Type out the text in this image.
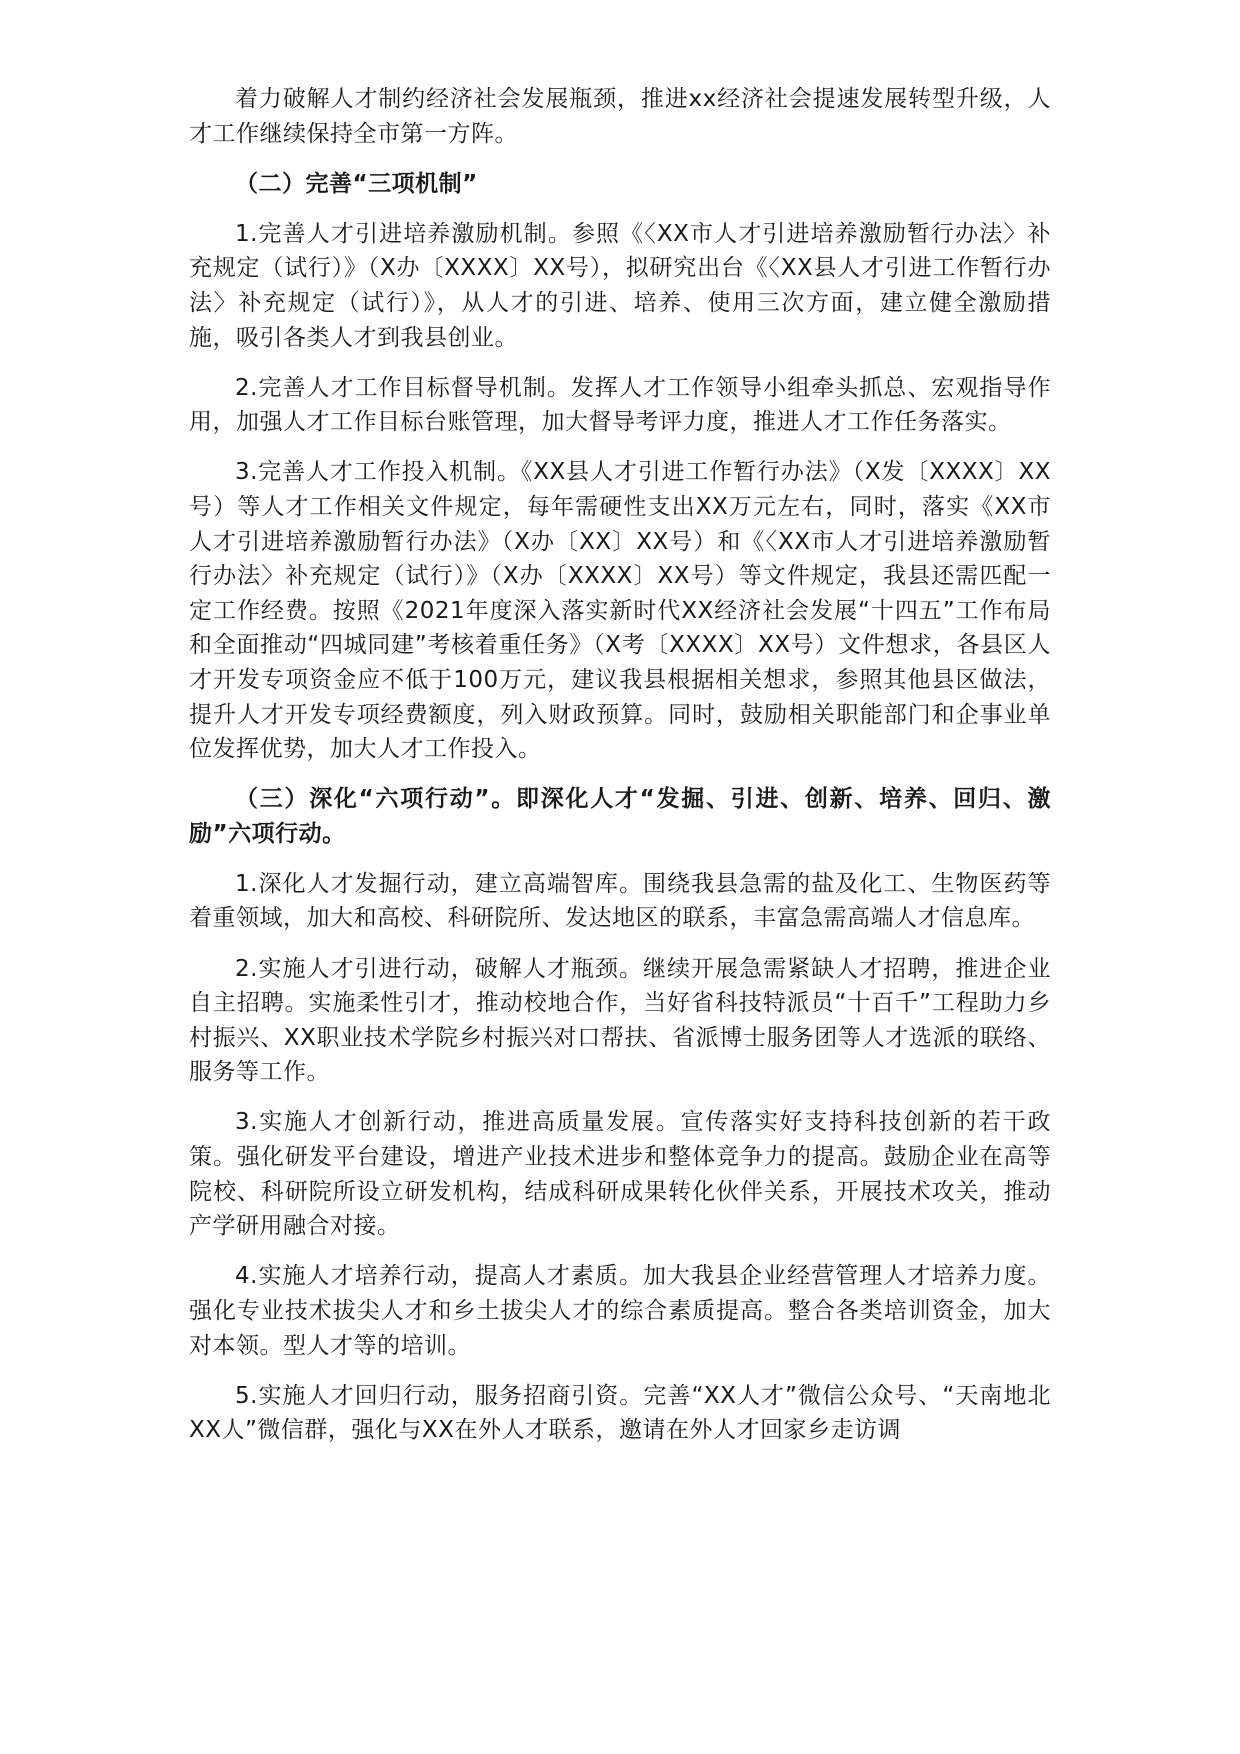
着力破解人才制约经济社会发展瓶颈，推进xx经济社会提速发展转型升级，人才工作继续保持全市第一方阵。

（二）完善“三项机制”

1.完善人才引进培养激励机制。参照《〈XX市人才引进培养激励暂行办法〉补充规定（试行）》（X办〔XXXX〕XX号），拟研究出台《〈XX县人才引进工作暂行办法〉补充规定（试行）》，从人才的引进、培养、使用三次方面，建立健全激励措施，吸引各类人才到我县创业。

2.完善人才工作目标督导机制。发挥人才工作领导小组牵头抓总、宏观指导作用，加强人才工作目标台账管理，加大督导考评力度，推进人才工作任务落实。

3.完善人才工作投入机制。《XX县人才引进工作暂行办法》（X发〔XXXX〕XX号）等人才工作相关文件规定，每年需硬性支出XX万元左右，同时，落实《XX市人才引进培养激励暂行办法》（X办〔XX〕XX号）和《〈XX市人才引进培养激励暂行办法〉补充规定（试行）》（X办〔XXXX〕XX号）等文件规定，我县还需匹配一定工作经费。按照《2021年度深入落实新时代XX经济社会发展“十四五”工作布局和全面推动“四城同建”考核着重任务》（X考〔XXXX〕XX号）文件想求，各县区人才开发专项资金应不低于100万元，建议我县根据相关想求，参照其他县区做法，提升人才开发专项经费额度，列入财政预算。同时，鼓励相关职能部门和企事业单位发挥优势，加大人才工作投入。

（三）深化“六项行动”。即深化人才“发掘、引进、创新、培养、回归、激励”六项行动。

1.深化人才发掘行动，建立高端智库。围绕我县急需的盐及化工、生物医药等着重领域，加大和高校、科研院所、发达地区的联系，丰富急需高端人才信息库。

2.实施人才引进行动，破解人才瓶颈。继续开展急需紧缺人才招聘，推进企业自主招聘。实施柔性引才，推动校地合作，当好省科技特派员“十百千”工程助力乡村振兴、XX职业技术学院乡村振兴对口帮扶、省派博士服务团等人才选派的联络、服务等工作。

3.实施人才创新行动，推进高质量发展。宣传落实好支持科技创新的若干政策。强化研发平台建设，增进产业技术进步和整体竞争力的提高。鼓励企业在高等院校、科研院所设立研发机构，结成科研成果转化伙伴关系，开展技术攻关，推动产学研用融合对接。

4.实施人才培养行动，提高人才素质。加大我县企业经营管理人才培养力度。强化专业技术拔尖人才和乡土拔尖人才的综合素质提高。整合各类培训资金，加大对本领。型人才等的培训。

5.实施人才回归行动，服务招商引资。完善“XX人才”微信公众号、“天南地北XX人”微信群，强化与XX在外人才联系，邀请在外人才回家乡走访调
